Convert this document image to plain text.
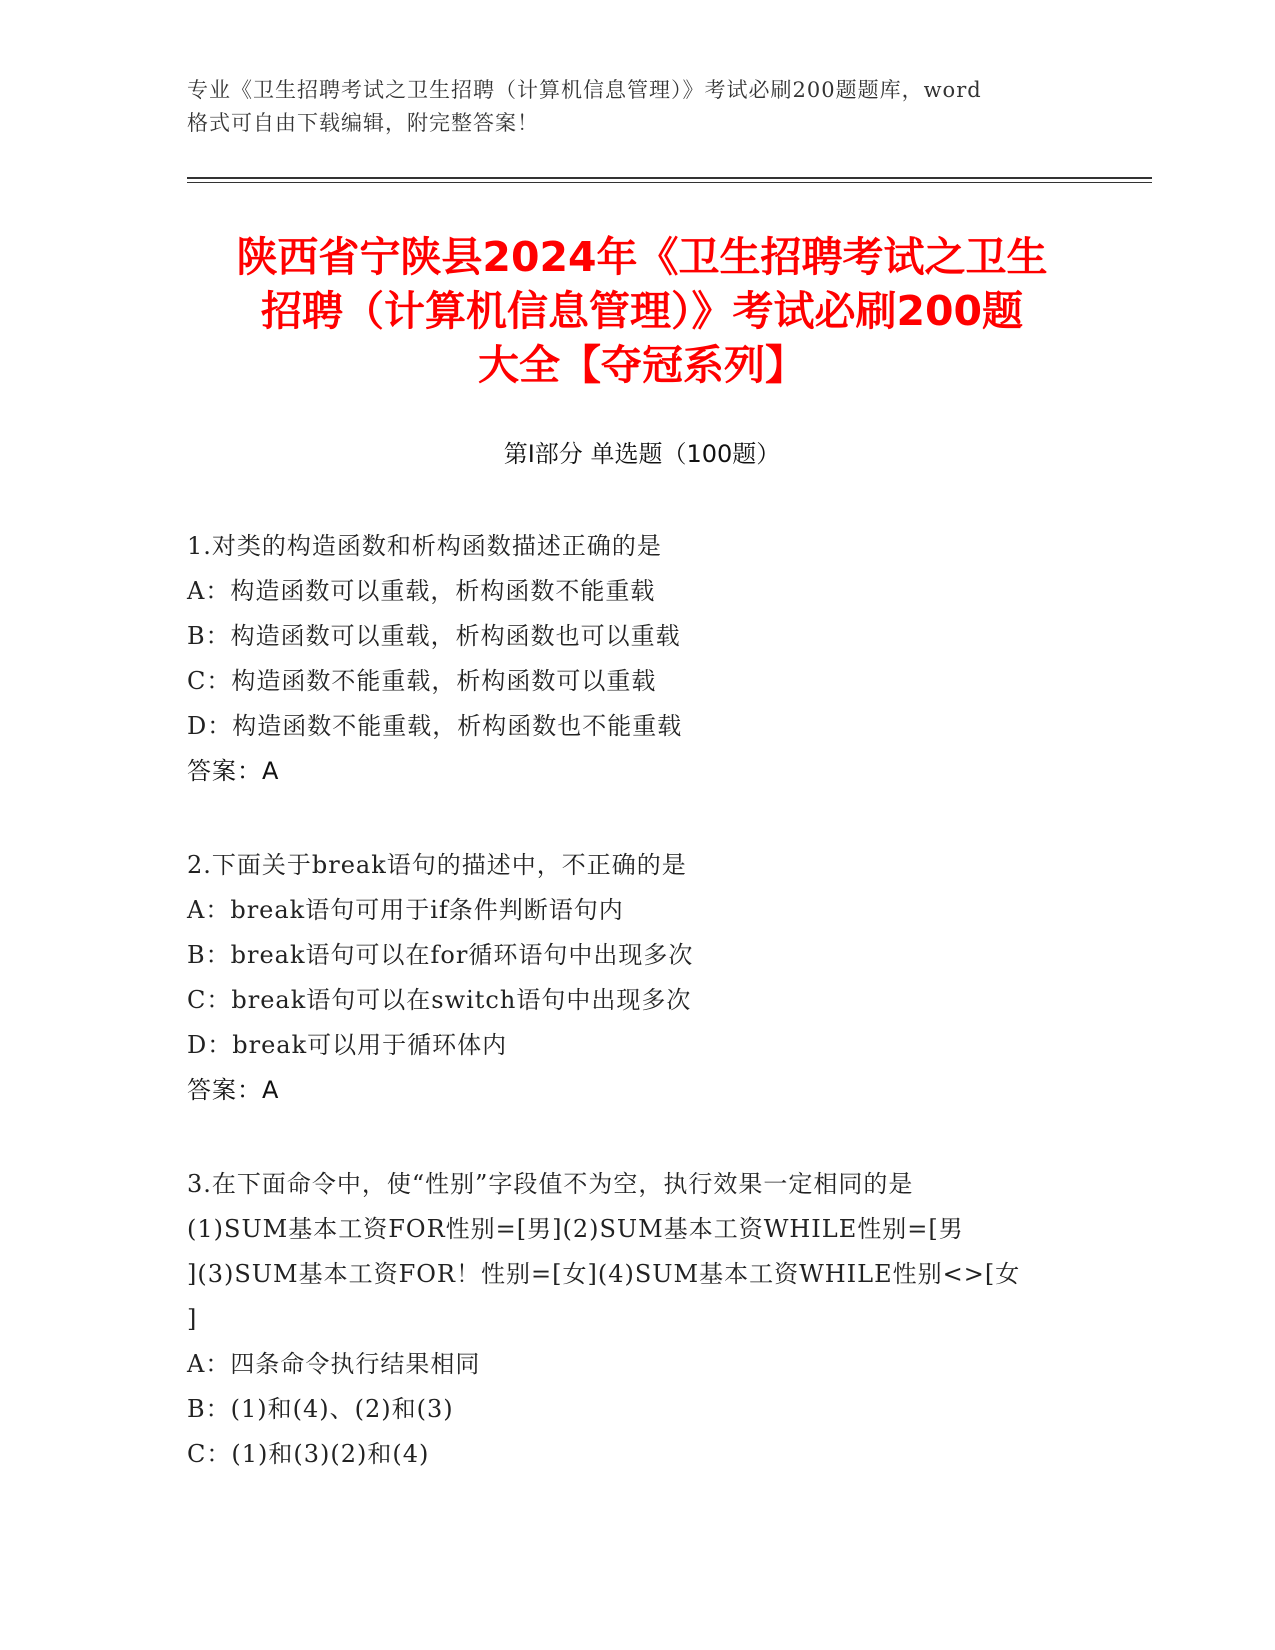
专业《卫生招聘考试之卫生招聘（计算机信息管理）》考试必刷200题题库，word
格式可自由下载编辑，附完整答案！
陕西省宁陕县2024年《卫生招聘考试之卫生
招聘（计算机信息管理）》考试必刷200题
大全【夺冠系列】
第Ⅰ部分 单选题（100题）
1.对类的构造函数和析构函数描述正确的是
A：构造函数可以重载，析构函数不能重载
B：构造函数可以重载，析构函数也可以重载
C：构造函数不能重载，析构函数可以重载
D：构造函数不能重载，析构函数也不能重载
答案：A
2.下面关于break语句的描述中，不正确的是
A：break语句可用于if条件判断语句内
B：break语句可以在for循环语句中出现多次
C：break语句可以在switch语句中出现多次
D：break可以用于循环体内
答案：A
3.在下面命令中，使“性别”字段值不为空，执行效果一定相同的是
(1)SUM基本工资FOR性别=[男](2)SUM基本工资WHILE性别=[男
](3)SUM基本工资FOR！性别=[女](4)SUM基本工资WHILE性别<>[女
]
A：四条命令执行结果相同
B：(1)和(4)、(2)和(3)
C：(1)和(3)(2)和(4)
